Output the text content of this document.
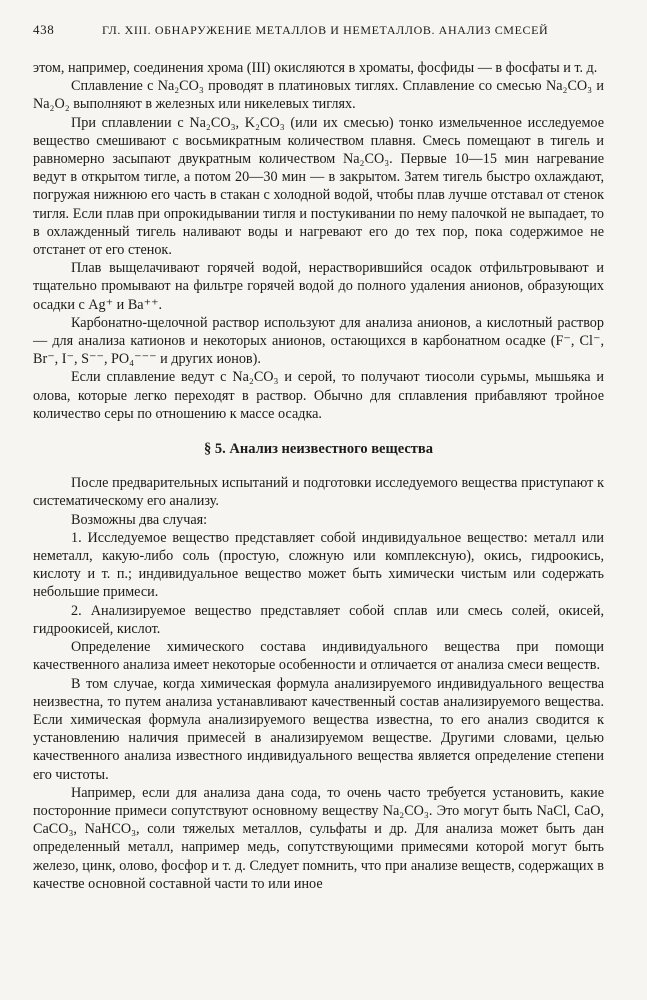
438	ГЛ. XIII. ОБНАРУЖЕНИЕ МЕТАЛЛОВ И НЕМЕТАЛЛОВ. АНАЛИЗ СМЕСЕЙ

этом, например, соединения хрома (III) окисляются в хроматы, фосфиды — в фосфаты и т. д.

Сплавление с Na₂CO₃ проводят в платиновых тиглях. Сплавление со смесью Na₂CO₃ и Na₂O₂ выполняют в железных или никелевых тиглях.

При сплавлении с Na₂CO₃, K₂CO₃ (или их смесью) тонко измельченное исследуемое вещество смешивают с восьмикратным количеством плавня. Смесь помещают в тигель и равномерно засыпают двукратным количеством Na₂CO₃. Первые 10—15 мин нагревание ведут в открытом тигле, а потом 20—30 мин — в закрытом. Затем тигель быстро охлаждают, погружая нижнюю его часть в стакан с холодной водой, чтобы плав лучше отставал от стенок тигля. Если плав при опрокидывании тигля и постукивании по нему палочкой не выпадает, то в охлажденный тигель наливают воды и нагревают его до тех пор, пока содержимое не отстанет от его стенок.

Плав выщелачивают горячей водой, нерастворившийся осадок отфильтровывают и тщательно промывают на фильтре горячей водой до полного удаления анионов, образующих осадки с Ag⁺ и Ba⁺⁺.

Карбонатно-щелочной раствор используют для анализа анионов, а кислотный раствор — для анализа катионов и некоторых анионов, остающихся в карбонатном осадке (F⁻, Cl⁻, Br⁻, I⁻, S⁻⁻, PO₄⁻⁻⁻ и других ионов).

Если сплавление ведут с Na₂CO₃ и серой, то получают тиосоли сурьмы, мышьяка и олова, которые легко переходят в раствор. Обычно для сплавления прибавляют тройное количество серы по отношению к массе осадка.

§ 5. Анализ неизвестного вещества

После предварительных испытаний и подготовки исследуемого вещества приступают к систематическому его анализу.

Возможны два случая:

1. Исследуемое вещество представляет собой индивидуальное вещество: металл или неметалл, какую-либо соль (простую, сложную или комплексную), окись, гидроокись, кислоту и т. п.; индивидуальное вещество может быть химически чистым или содержать небольшие примеси.

2. Анализируемое вещество представляет собой сплав или смесь солей, окисей, гидроокисей, кислот.

Определение химического состава индивидуального вещества при помощи качественного анализа имеет некоторые особенности и отличается от анализа смеси веществ.

В том случае, когда химическая формула анализируемого индивидуального вещества неизвестна, то путем анализа устанавливают качественный состав анализируемого вещества. Если химическая формула анализируемого вещества известна, то его анализ сводится к установлению наличия примесей в анализируемом веществе. Другими словами, целью качественного анализа известного индивидуального вещества является определение степени его чистоты.

Например, если для анализа дана сода, то очень часто требуется установить, какие посторонние примеси сопутствуют основному веществу Na₂CO₃. Это могут быть NaCl, CaO, CaCO₃, NaHCO₃, соли тяжелых металлов, сульфаты и др. Для анализа может быть дан определенный металл, например медь, сопутствующими примесями которой могут быть железо, цинк, олово, фосфор и т. д. Следует помнить, что при анализе веществ, содержащих в качестве основной составной части то или иное
